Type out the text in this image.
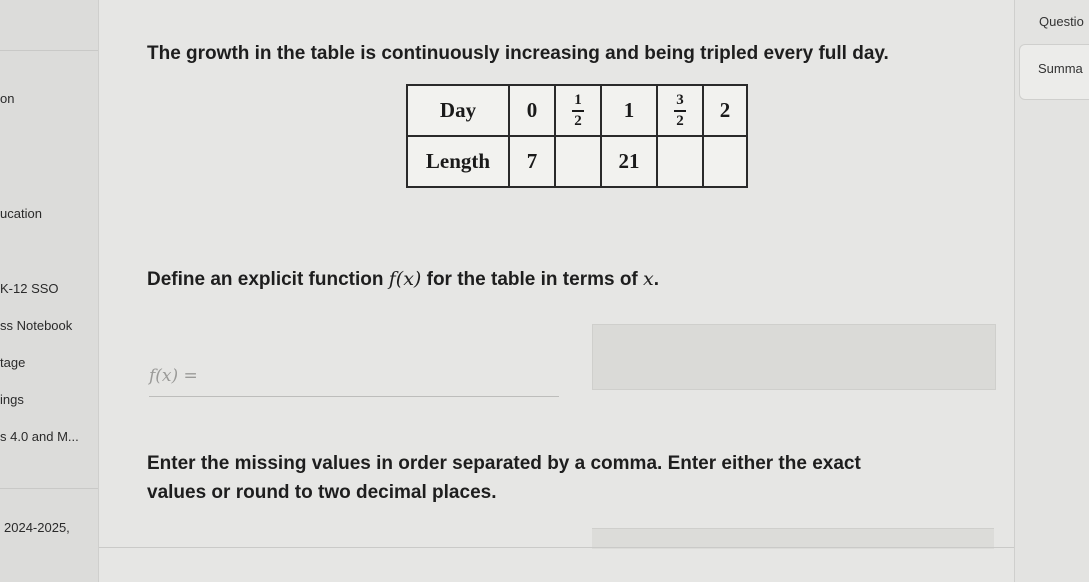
on
ucation
K-12 SSO
ss Notebook
tage
ings
s 4.0 and M...
2024-2025,
The growth in the table is continuously increasing and being tripled every full day.
Day	0	$\frac{1}{2}$	1	$\frac{3}{2}$	2
Length	7		21		
Define an explicit function f(x) for the table in terms of x.
f(x) =
Enter the missing values in order separated by a comma. Enter either the exact
values or round to two decimal places.
Questio
Summa
